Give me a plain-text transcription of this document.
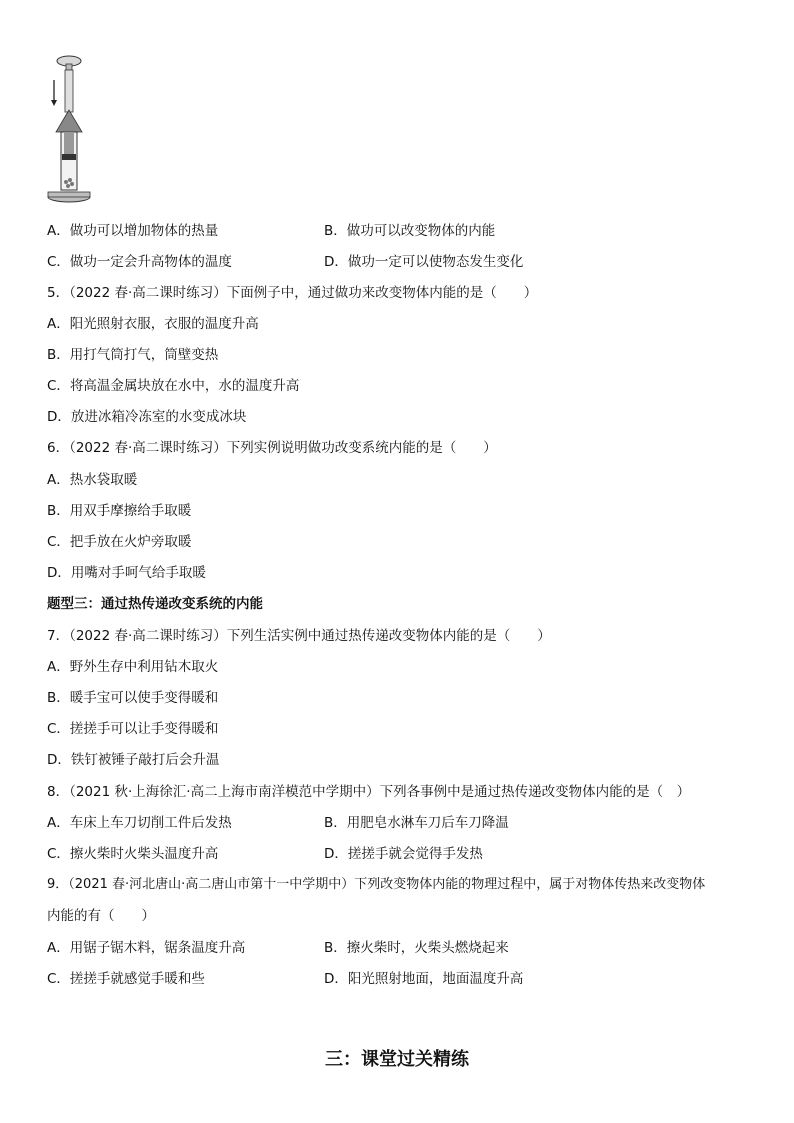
A．做功可以增加物体的热量	B．做功可以改变物体的内能
C．做功一定会升高物体的温度	D．做功一定可以使物态发生变化
5．（2022 春·高二课时练习）下面例子中，通过做功来改变物体内能的是（　　）
A．阳光照射衣服，衣服的温度升高
B．用打气筒打气，筒壁变热
C．将高温金属块放在水中，水的温度升高
D．放进冰箱冷冻室的水变成冰块
6．（2022 春·高二课时练习）下列实例说明做功改变系统内能的是（　　）
A．热水袋取暖
B．用双手摩擦给手取暖
C．把手放在火炉旁取暖
D．用嘴对手呵气给手取暖
题型三：通过热传递改变系统的内能
7．（2022 春·高二课时练习）下列生活实例中通过热传递改变物体内能的是（　　）
A．野外生存中利用钻木取火
B．暖手宝可以使手变得暖和
C．搓搓手可以让手变得暖和
D．铁钉被锤子敲打后会升温
8．（2021 秋·上海徐汇·高二上海市南洋模范中学期中）下列各事例中是通过热传递改变物体内能的是（　）
A．车床上车刀切削工件后发热	B．用肥皂水淋车刀后车刀降温
C．擦火柴时火柴头温度升高	D．搓搓手就会觉得手发热
9．（2021 春·河北唐山·高二唐山市第十一中学期中）下列改变物体内能的物理过程中，属于对物体传热来改变物体
内能的有（　　）
A．用锯子锯木料，锯条温度升高	B．擦火柴时，火柴头燃烧起来
C．搓搓手就感觉手暖和些	D．阳光照射地面，地面温度升高
三：课堂过关精练
